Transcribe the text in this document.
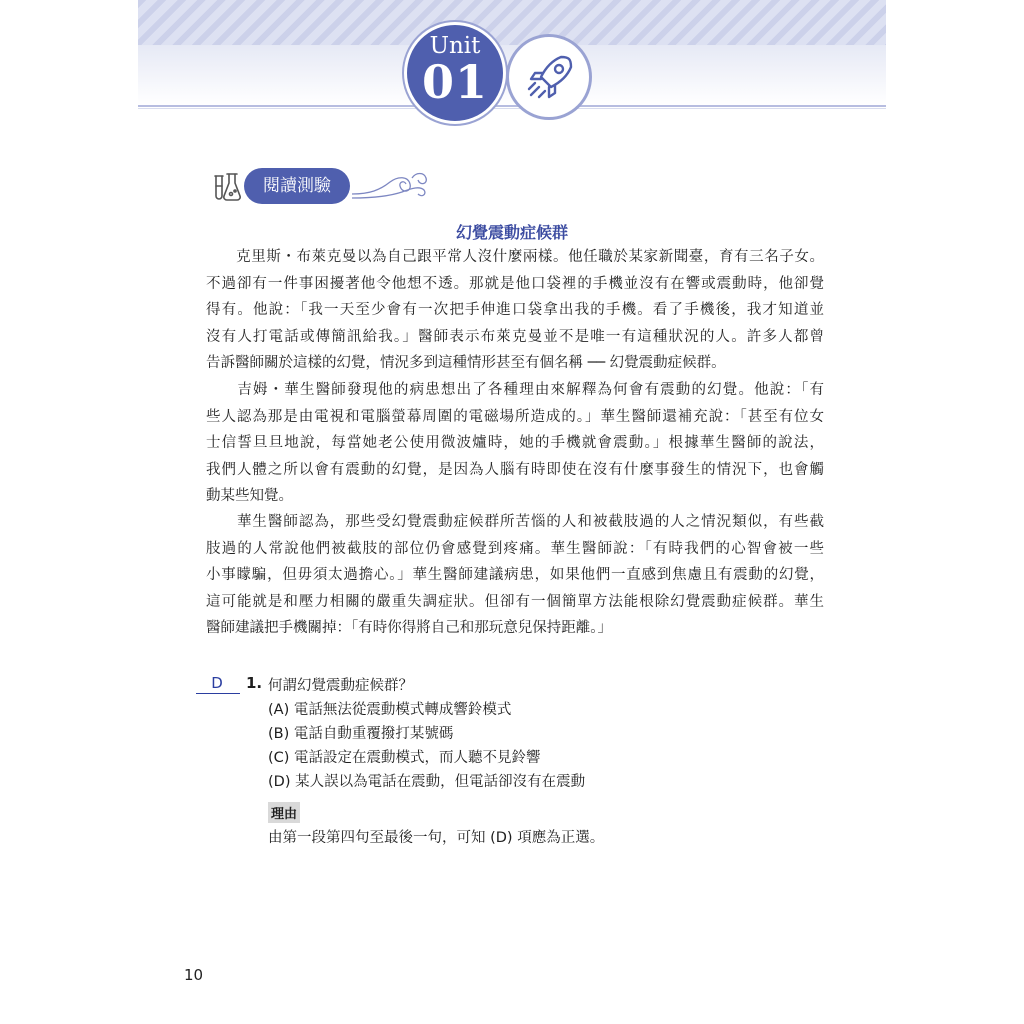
Unit
01
閱讀測驗
幻覺震動症候群
　　克里斯・布萊克曼以為自己跟平常人沒什麼兩樣。他任職於某家新聞臺，育有三名子女。
不過卻有一件事困擾著他令他想不透。那就是他口袋裡的手機並沒有在響或震動時，他卻覺
得有。他說：「我一天至少會有一次把手伸進口袋拿出我的手機。看了手機後，我才知道並
沒有人打電話或傳簡訊給我。」醫師表示布萊克曼並不是唯一有這種狀況的人。許多人都曾
告訴醫師關於這樣的幻覺，情況多到這種情形甚至有個名稱 ── 幻覺震動症候群。
　　吉姆・華生醫師發現他的病患想出了各種理由來解釋為何會有震動的幻覺。他說：「有
些人認為那是由電視和電腦螢幕周圍的電磁場所造成的。」華生醫師還補充說：「甚至有位女
士信誓旦旦地說，每當她老公使用微波爐時，她的手機就會震動。」根據華生醫師的說法，
我們人體之所以會有震動的幻覺，是因為人腦有時即使在沒有什麼事發生的情況下，也會觸
動某些知覺。
　　華生醫師認為，那些受幻覺震動症候群所苦惱的人和被截肢過的人之情況類似，有些截
肢過的人常說他們被截肢的部位仍會感覺到疼痛。華生醫師說：「有時我們的心智會被一些
小事矇騙，但毋須太過擔心。」華生醫師建議病患，如果他們一直感到焦慮且有震動的幻覺，
這可能就是和壓力相關的嚴重失調症狀。但卻有一個簡單方法能根除幻覺震動症候群。華生
醫師建議把手機關掉：「有時你得將自己和那玩意兒保持距離。」
D	1. 何謂幻覺震動症候群？
(A) 電話無法從震動模式轉成響鈴模式
(B) 電話自動重覆撥打某號碼
(C) 電話設定在震動模式，而人聽不見鈴響
(D) 某人誤以為電話在震動，但電話卻沒有在震動
理由
由第一段第四句至最後一句，可知 (D) 項應為正選。
10
